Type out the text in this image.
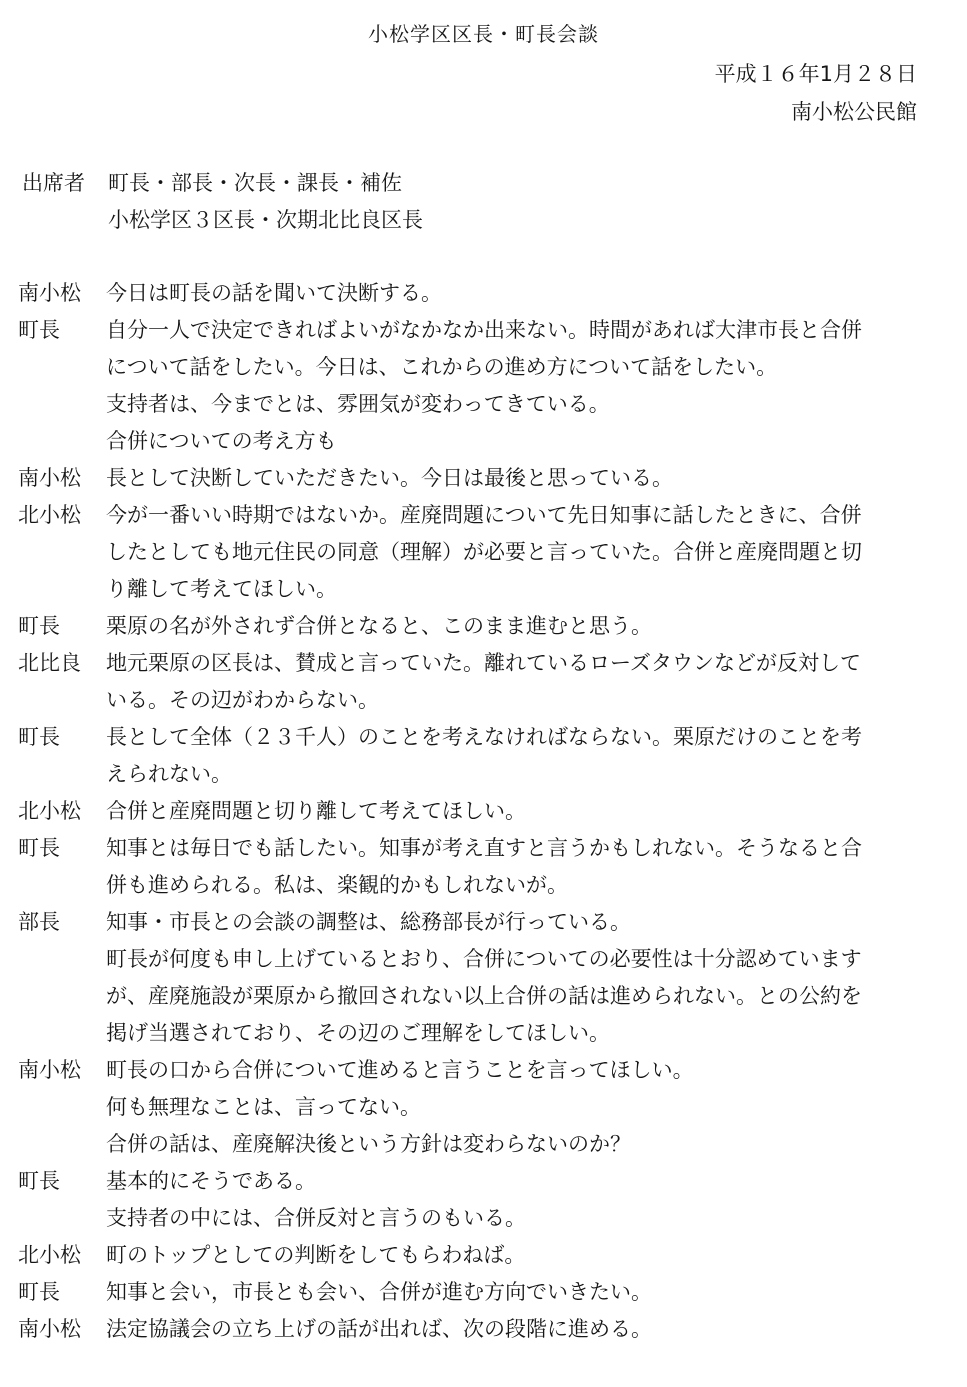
小松学区区長・町長会談
平成１６年1月２８日
南小松公民館
出席者	町長・部長・次長・課長・補佐
小松学区３区長・次期北比良区長
南小松	今日は町長の話を聞いて決断する。
町長	自分一人で決定できればよいがなかなか出来ない。時間があれば大津市長と合併
について話をしたい。今日は、これからの進め方について話をしたい。
支持者は、今までとは、雰囲気が変わってきている。
合併についての考え方も
南小松	長として決断していただきたい。今日は最後と思っている。
北小松	今が一番いい時期ではないか。産廃問題について先日知事に話したときに、合併
したとしても地元住民の同意（理解）が必要と言っていた。合併と産廃問題と切
り離して考えてほしい。
町長	栗原の名が外されず合併となると、このまま進むと思う。
北比良	地元栗原の区長は、賛成と言っていた。離れているローズタウンなどが反対して
いる。その辺がわからない。
町長	長として全体（２３千人）のことを考えなければならない。栗原だけのことを考
えられない。
北小松	合併と産廃問題と切り離して考えてほしい。
町長	知事とは毎日でも話したい。知事が考え直すと言うかもしれない。そうなると合
併も進められる。私は、楽観的かもしれないが。
部長	知事・市長との会談の調整は、総務部長が行っている。
町長が何度も申し上げているとおり、合併についての必要性は十分認めています
が、産廃施設が栗原から撤回されない以上合併の話は進められない。との公約を
掲げ当選されており、その辺のご理解をしてほしい。
南小松	町長の口から合併について進めると言うことを言ってほしい。
何も無理なことは、言ってない。
合併の話は、産廃解決後という方針は変わらないのか？
町長	基本的にそうである。
支持者の中には、合併反対と言うのもいる。
北小松	町のトップとしての判断をしてもらわねば。
町長	知事と会い，市長とも会い、合併が進む方向でいきたい。
南小松	法定協議会の立ち上げの話が出れば、次の段階に進める。
